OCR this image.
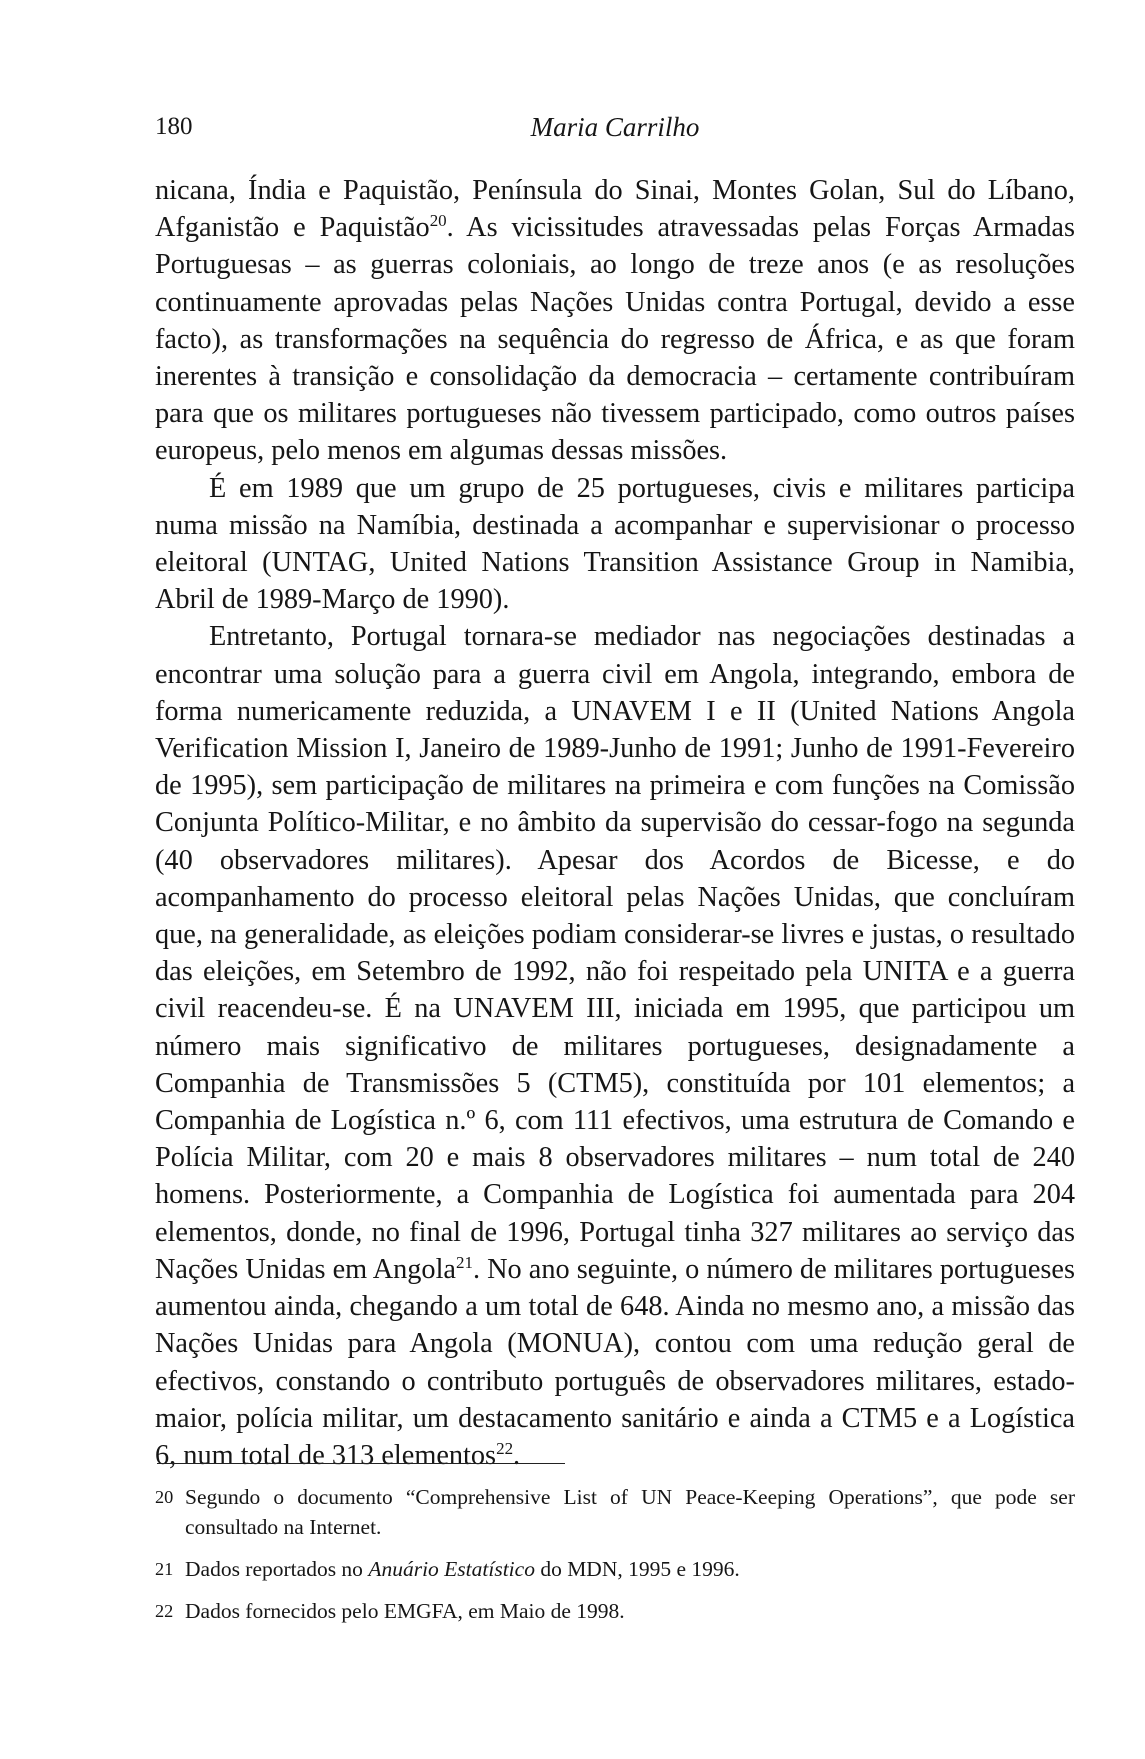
180	Maria Carrilho

nicana, Índia e Paquistão, Península do Sinai, Montes Golan, Sul do Líbano, Afganistão e Paquistão$^{20}$. As vicissitudes atravessadas pelas Forças Armadas Portuguesas – as guerras coloniais, ao longo de treze anos (e as resoluções continuamente aprovadas pelas Nações Unidas contra Portugal, devido a esse facto), as transformações na sequência do regresso de África, e as que foram inerentes à transição e consolidação da democracia – certamente contribuíram para que os militares portugueses não tivessem participado, como outros países europeus, pelo menos em algumas dessas missões.

É em 1989 que um grupo de 25 portugueses, civis e militares participa numa missão na Namíbia, destinada a acompanhar e supervisionar o processo eleitoral (UNTAG, United Nations Transition Assistance Group in Namibia, Abril de 1989-Março de 1990).

Entretanto, Portugal tornara-se mediador nas negociações destinadas a encontrar uma solução para a guerra civil em Angola, integrando, embora de forma numericamente reduzida, a UNAVEM I e II (United Nations Angola Verification Mission I, Janeiro de 1989-Junho de 1991; Junho de 1991-Fevereiro de 1995), sem participação de militares na primeira e com funções na Comissão Conjunta Político-Militar, e no âmbito da supervisão do cessar-fogo na segunda (40 observadores militares). Apesar dos Acordos de Bicesse, e do acompanhamento do processo eleitoral pelas Nações Unidas, que concluíram que, na generalidade, as eleições podiam considerar-se livres e justas, o resultado das eleições, em Setembro de 1992, não foi respeitado pela UNITA e a guerra civil reacendeu-se. É na UNAVEM III, iniciada em 1995, que participou um número mais significativo de militares portugueses, designadamente a Companhia de Transmissões 5 (CTM5), constituída por 101 elementos; a Companhia de Logística n.º 6, com 111 efectivos, uma estrutura de Comando e Polícia Militar, com 20 e mais 8 observadores militares – num total de 240 homens. Posteriormente, a Companhia de Logística foi aumentada para 204 elementos, donde, no final de 1996, Portugal tinha 327 militares ao serviço das Nações Unidas em Angola$^{21}$. No ano seguinte, o número de militares portugueses aumentou ainda, chegando a um total de 648. Ainda no mesmo ano, a missão das Nações Unidas para Angola (MONUA), contou com uma redução geral de efectivos, constando o contributo português de observadores militares, estado-maior, polícia militar, um destacamento sanitário e ainda a CTM5 e a Logística 6, num total de 313 elementos$^{22}$.

20 Segundo o documento “Comprehensive List of UN Peace-Keeping Operations”, que pode ser consultado na Internet.
21 Dados reportados no Anuário Estatístico do MDN, 1995 e 1996.
22 Dados fornecidos pelo EMGFA, em Maio de 1998.
